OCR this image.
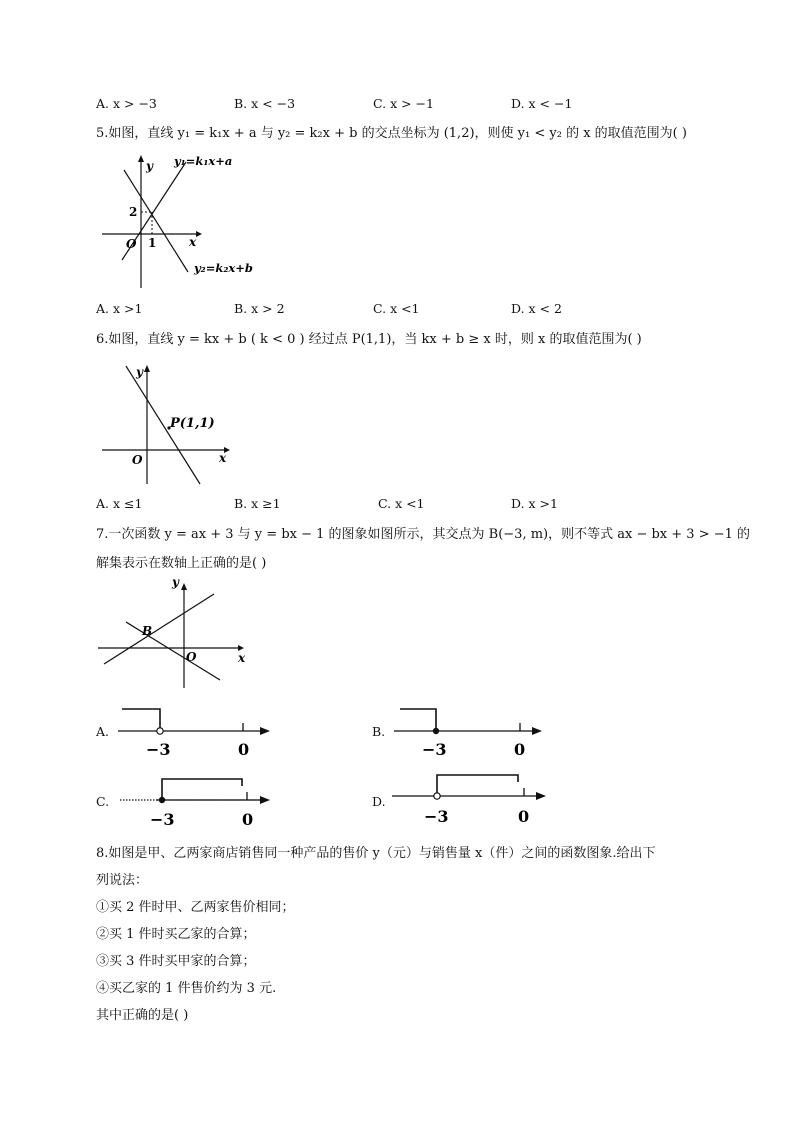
A. x > −3	B. x < −3	C. x > −1	D. x < −1
5.如图，直线 y₁ = k₁x + a 与 y₂ = k₂x + b 的交点坐标为 (1,2)，则使 y₁ < y₂ 的 x 的取值范围为( )
y
x
O
2
1
y₁=k₁x+a
y₂=k₂x+b
A. x >1	B. x > 2	C. x <1	D. x < 2
6.如图，直线 y = kx + b ( k < 0 ) 经过点 P(1,1)，当 kx + b ≥ x 时，则 x 的取值范围为( )
y
x
O
P(1,1)
A. x ≤1	B. x ≥1	C. x <1	D. x >1
7.一次函数 y = ax + 3 与 y = bx − 1 的图象如图所示，其交点为 B(−3, m)，则不等式 ax − bx + 3 > −1 的
解集表示在数轴上正确的是( )
y
x
O
B
A.
−3	0
B.
−3	0
C.
−3	0
D.
−3	0
8.如图是甲、乙两家商店销售同一种产品的售价 y（元）与销售量 x（件）之间的函数图象.给出下
列说法：
①买 2 件时甲、乙两家售价相同；
②买 1 件时买乙家的合算；
③买 3 件时买甲家的合算；
④买乙家的 1 件售价约为 3 元.
其中正确的是( )
